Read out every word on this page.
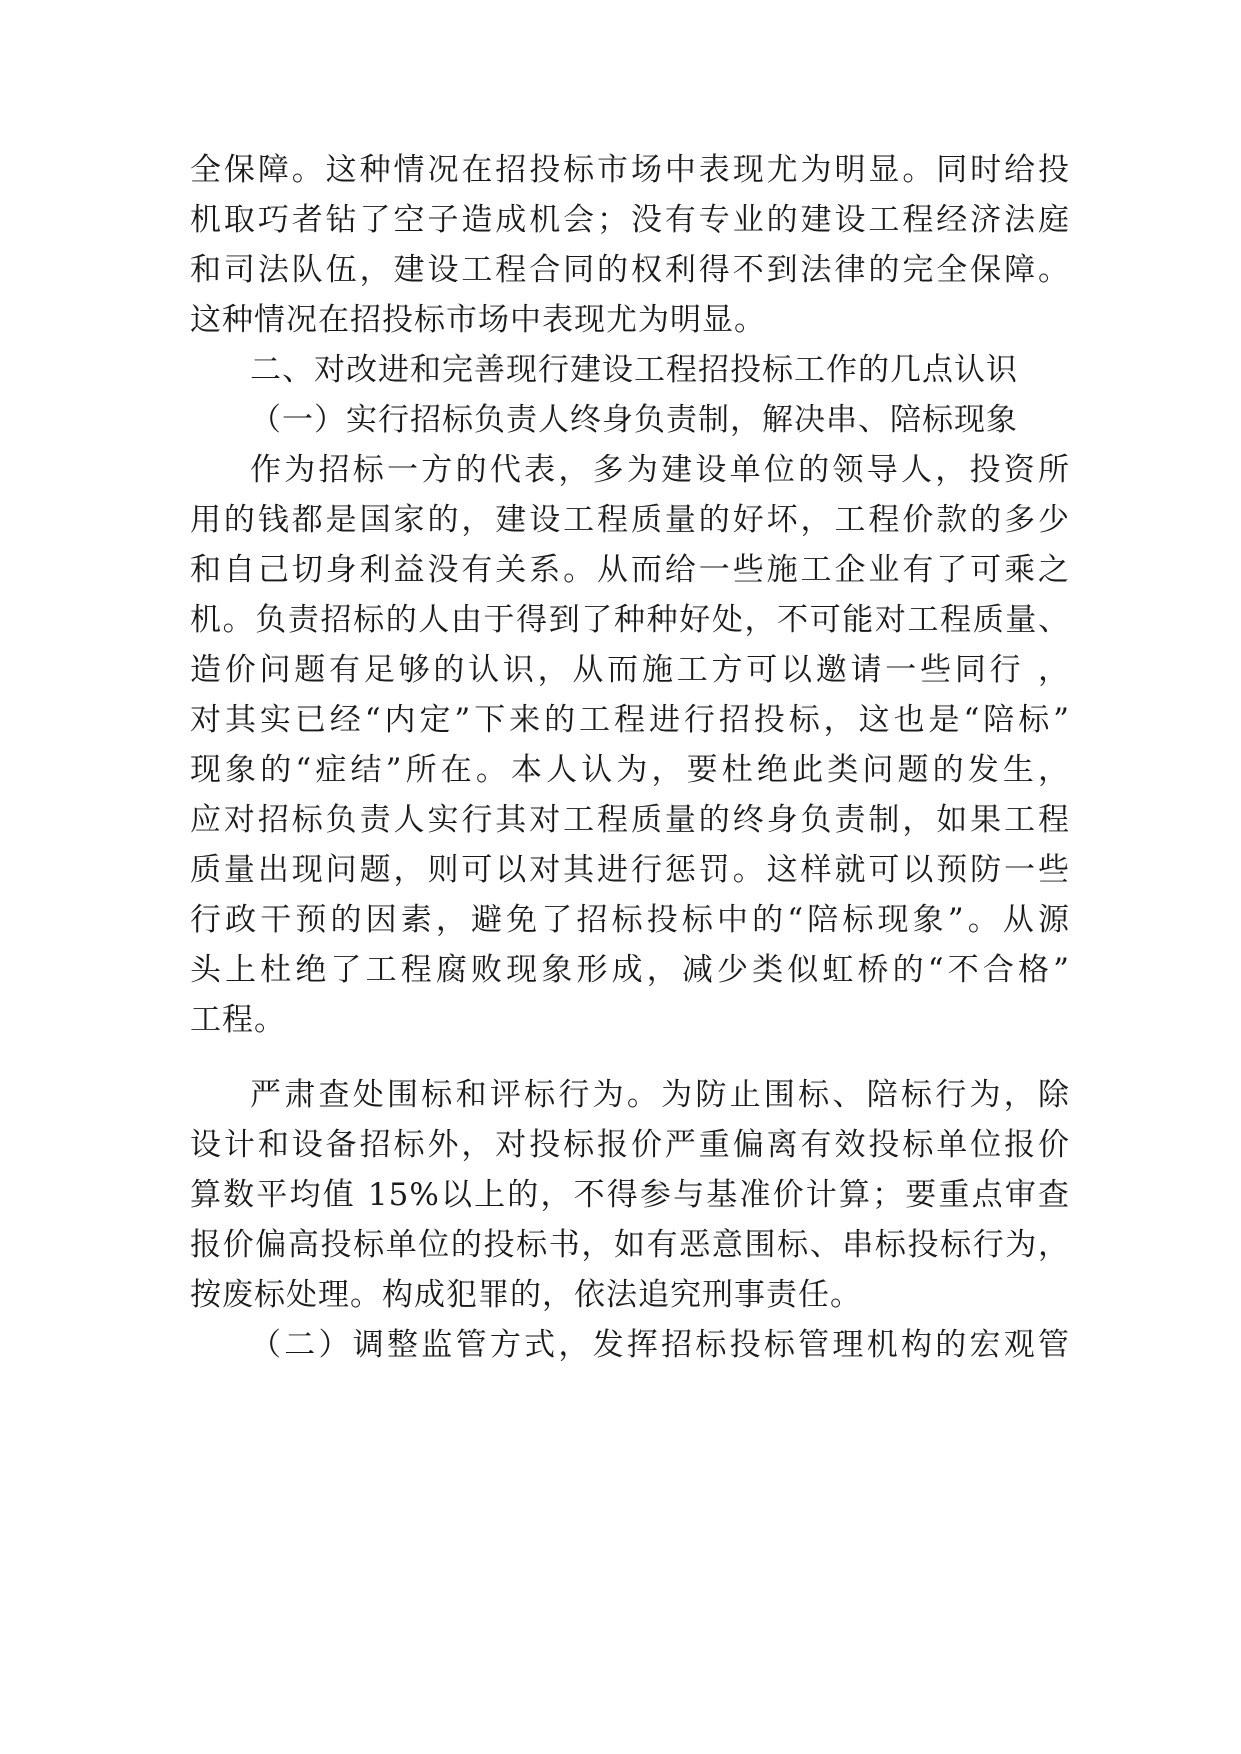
全保障。这种情况在招投标市场中表现尤为明显。同时给投
机取巧者钻了空子造成机会；没有专业的建设工程经济法庭
和司法队伍，建设工程合同的权利得不到法律的完全保障。
这种情况在招投标市场中表现尤为明显。
二、对改进和完善现行建设工程招投标工作的几点认识
（一）实行招标负责人终身负责制，解决串、陪标现象
作为招标一方的代表，多为建设单位的领导人，投资所
用的钱都是国家的，建设工程质量的好坏，工程价款的多少
和自己切身利益没有关系。从而给一些施工企业有了可乘之
机。负责招标的人由于得到了种种好处，不可能对工程质量、
造价问题有足够的认识，从而施工方可以邀请一些同行 ，
对其实已经“内定”下来的工程进行招投标，这也是“陪标”
现象的“症结”所在。本人认为，要杜绝此类问题的发生，
应对招标负责人实行其对工程质量的终身负责制，如果工程
质量出现问题，则可以对其进行惩罚。这样就可以预防一些
行政干预的因素，避免了招标投标中的“陪标现象”。从源
头上杜绝了工程腐败现象形成，减少类似虹桥的“不合格”
工程。
严肃查处围标和评标行为。为防止围标、陪标行为，除
设计和设备招标外，对投标报价严重偏离有效投标单位报价
算数平均值 15%以上的，不得参与基准价计算；要重点审查
报价偏高投标单位的投标书，如有恶意围标、串标投标行为，
按废标处理。构成犯罪的，依法追究刑事责任。
（二）调整监管方式，发挥招标投标管理机构的宏观管
